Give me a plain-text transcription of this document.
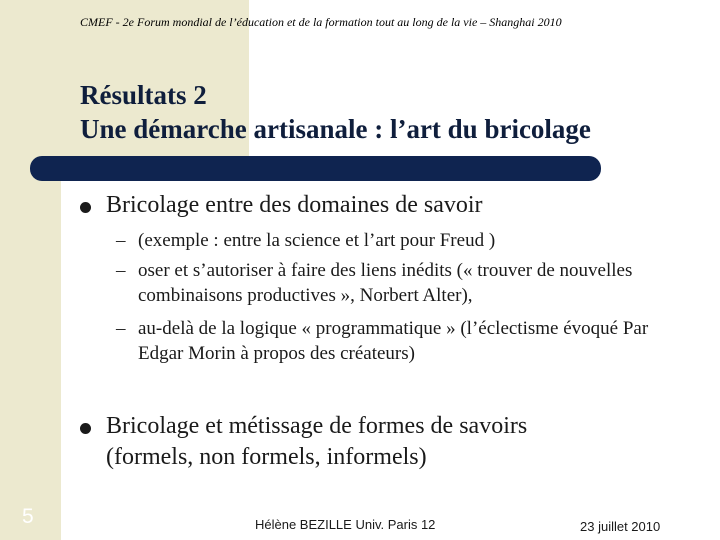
CMEF - 2e Forum mondial de l’éducation et de la formation tout au long de la vie – Shanghai 2010
Résultats 2
Une démarche artisanale : l’art du bricolage
Bricolage entre des domaines de savoir
– (exemple : entre la science et l’art pour Freud )
– oser et s’autoriser à faire des liens inédits (« trouver de nouvelles combinaisons productives », Norbert Alter),
– au-delà de la logique « programmatique » (l’éclectisme évoqué Par Edgar Morin à propos des créateurs)
Bricolage et métissage de formes de savoirs (formels, non formels, informels)
5	Hélène BEZILLE Univ. Paris 12	23 juillet 2010
